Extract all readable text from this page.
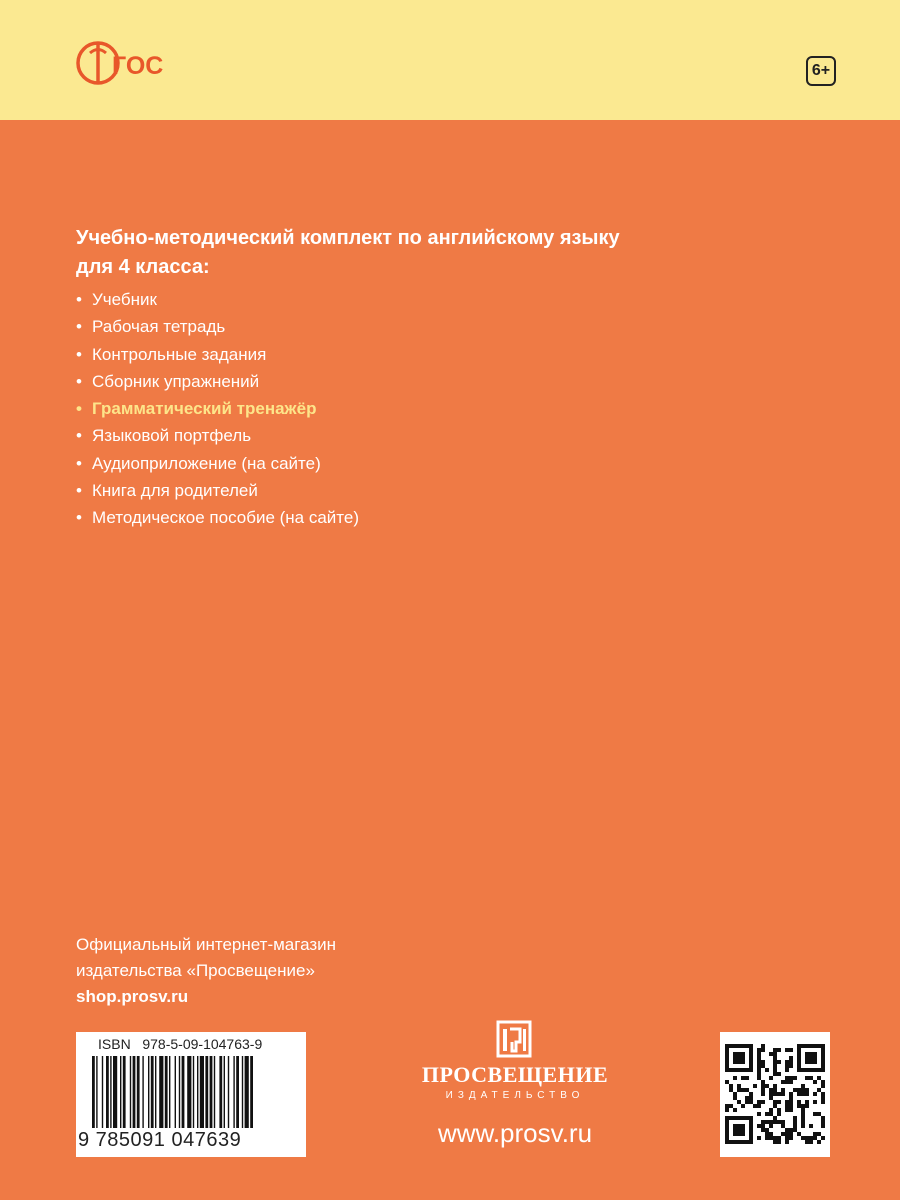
ГОС	6+

Учебно-методический комплект по английскому языку
для 4 класса:

• Учебник
• Рабочая тетрадь
• Контрольные задания
• Сборник упражнений
• Грамматический тренажёр
• Языковой портфель
• Аудиоприложение (на сайте)
• Книга для родителей
• Методическое пособие (на сайте)
Официальный интернет-магазин
издательства «Просвещение»
shop.prosv.ru
ISBN 978-5-09-104763-9
9 785091 047639
ПРОСВЕЩЕНИЕ
ИЗДАТЕЛЬСТВО
www.prosv.ru
